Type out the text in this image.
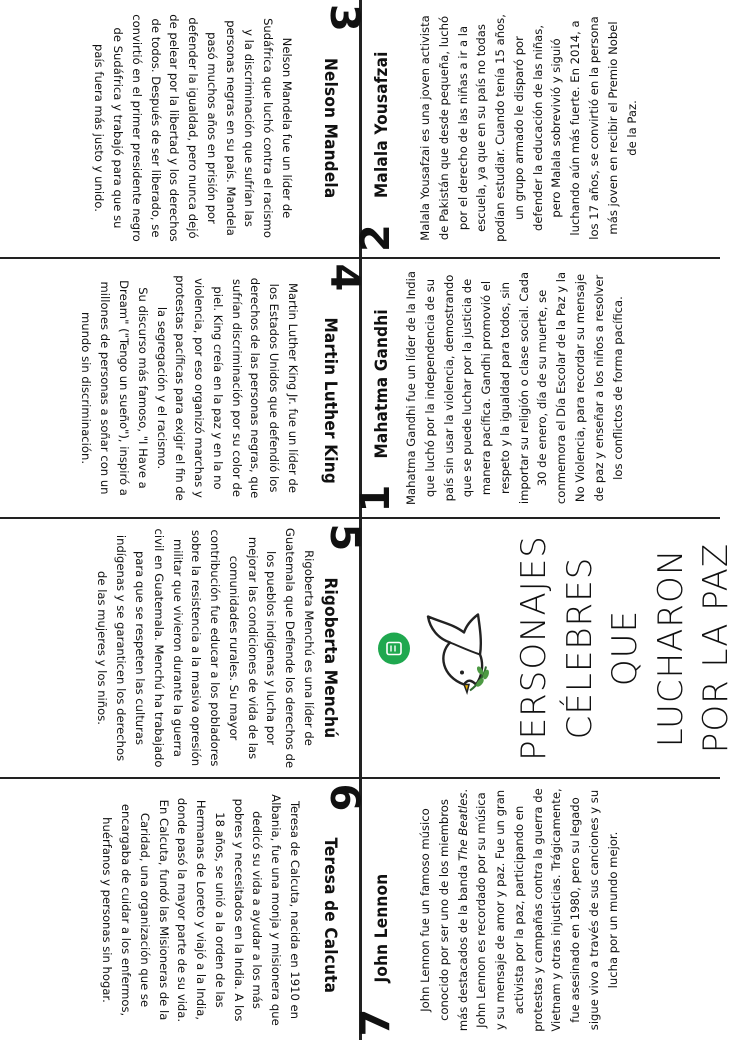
3
Nelson Mandela
Nelson Mandela fue un líder de Sudáfrica que luchó contra el racismo y la discriminación que sufrían las personas negras en su país. Mandela pasó muchos años en prisión por defender la igualdad, pero nunca dejó de pelear por la libertad y los derechos de todos. Después de ser liberado, se convirtió en el primer presidente negro de Sudáfrica y trabajó para que su país fuera más justo y unido.
2
Malala Yousafzai Malala Yousafzai es una joven activista de Pakistán que desde pequeña, luchó por el derecho de las niñas a ir a la escuela, ya que en su país no todas podían estudiar. Cuando tenía 15 años, un grupo armado le disparó por defender la educación de las niñas, pero Malala sobrevivió y siguió luchando aún más fuerte. En 2014, a los 17 años, se convirtió en la persona más joven en recibir el Premio Nobel de la Paz.
4
Martin Luther King
Martin Luther King Jr. fue un líder de los Estados Unidos que defendió los derechos de las personas negras, que sufrían discriminación por su color de piel. King creía en la paz y en la no violencia, por eso organizó marchas y protestas pacíficas para exigir el fin de la segregación y el racismo.
Su discurso más famoso, "I Have a Dream" ("Tengo un sueño"), inspiró a millones de personas a soñar con un mundo sin discriminación.
1
Mahatma Gandhi Mahatma Gandhi fue un líder de la India que luchó por la independencia de su país sin usar la violencia, demostrando que se puede luchar por la justicia de manera pacífica. Gandhi promovió el respeto y la igualdad para todos, sin importar su religión o clase social. Cada 30 de enero, día de su muerte, se conmemora el Día Escolar de la Paz y la No Violencia, para recordar su mensaje de paz y enseñar a los niños a resolver los conflictos de forma pacífica.
5
Rigoberta Menchú
Rigoberta Menchú es una líder de Guatemala que Defiende los derechos de los pueblos indígenas y lucha por mejorar las condiciones de vida de las comunidades rurales. Su mayor contribución fue educar a los pobladores sobre la resistencia a la masiva opresión militar que vivieron durante la guerra civil en Guatemala. Menchú ha trabajado para que se respeten las culturas indígenas y se garanticen los derechos de las mujeres y los niños.	PERSONAJES CÉLEBRES QUE LUCHARON POR LA PAZ
6
Teresa de Calcuta
Teresa de Calcuta, nacida en 1910 en Albania, fue una monja y misionera que dedicó su vida a ayudar a los más pobres y necesitados en la India. A los 18 años, se unió a la orden de las Hermanas de Loreto y viajó a la India, donde pasó la mayor parte de su vida. En Calcuta, fundó las Misioneras de la Caridad, una organización que se encargaba de cuidar a los enfermos, huérfanos y personas sin hogar.
7
John Lennon John Lennon fue un famoso músico conocido por ser uno de los miembros más destacados de la banda The Beatles. John Lennon es recordado por su música y su mensaje de amor y paz. Fue un gran activista por la paz, participando en protestas y campañas contra la guerra de Vietnam y otras injusticias. Trágicamente, fue asesinado en 1980, pero su legado sigue vivo a través de sus canciones y su lucha por un mundo mejor.
